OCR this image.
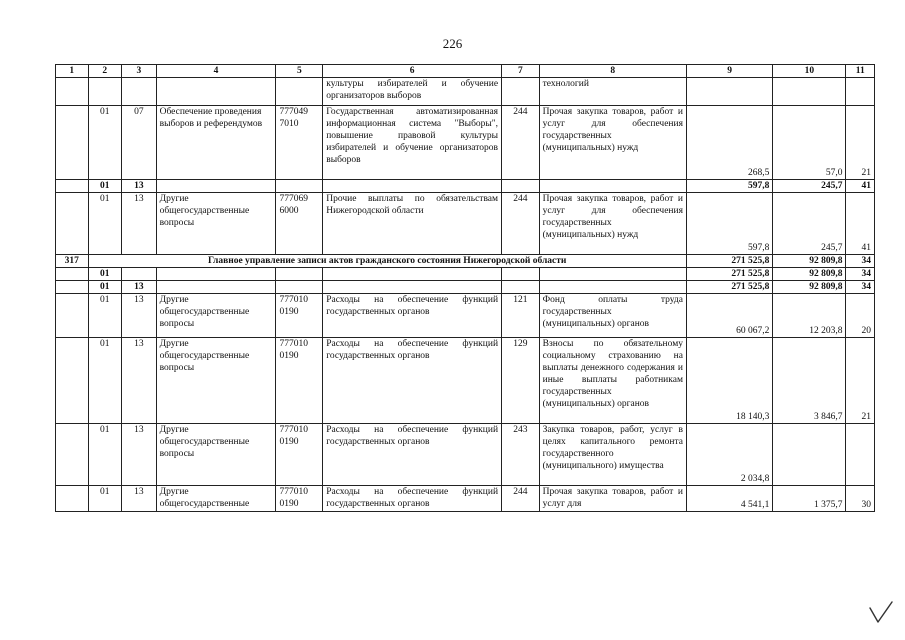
226
1	2	3	4	5	6	7	8	9	10	11
					культуры избирателей и обучение организаторов выборов		технологий			
	01	07	Обеспечение проведения выборов и референдумов	777049 7010	Государственная автоматизированная информационная система "Выборы", повышение правовой культуры избирателей и обучение организаторов выборов	244	Прочая закупка товаров, работ и услуг для обеспечения государственных (муниципальных) нужд	268,5	57,0	21
	01	13						597,8	245,7	41
	01	13	Другие общегосударственные вопросы	777069 6000	Прочие выплаты по обязательствам Нижегородской области	244	Прочая закупка товаров, работ и услуг для обеспечения государственных (муниципальных) нужд	597,8	245,7	41
317	Главное управление записи актов гражданского состояния Нижегородской области							271 525,8	92 809,8	34
	01							271 525,8	92 809,8	34
	01	13						271 525,8	92 809,8	34
	01	13	Другие общегосударственные вопросы	777010 0190	Расходы на обеспечение функций государственных органов	121	Фонд оплаты труда государственных (муниципальных) органов	60 067,2	12 203,8	20
	01	13	Другие общегосударственные вопросы	777010 0190	Расходы на обеспечение функций государственных органов	129	Взносы по обязательному социальному страхованию на выплаты денежного содержания и иные выплаты работникам государственных (муниципальных) органов	18 140,3	3 846,7	21
	01	13	Другие общегосударственные вопросы	777010 0190	Расходы на обеспечение функций государственных органов	243	Закупка товаров, работ, услуг в целях капитального ремонта государственного (муниципального) имущества	2 034,8		
	01	13	Другие общегосударственные	777010 0190	Расходы на обеспечение функций государственных органов	244	Прочая закупка товаров, работ и услуг для	4 541,1	1 375,7	30
